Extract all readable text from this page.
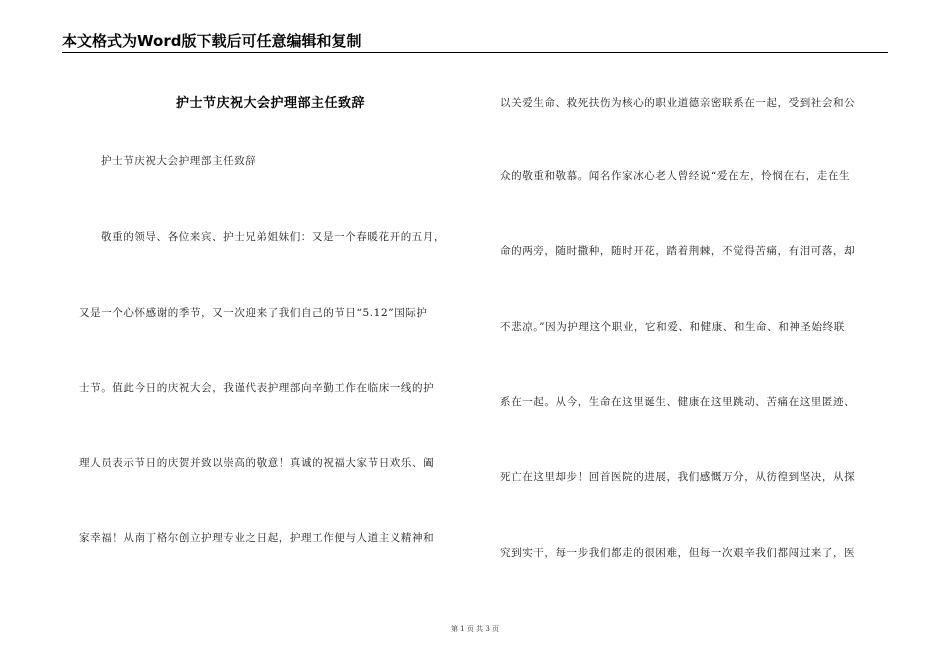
本文格式为Word版下载后可任意编辑和复制
护士节庆祝大会护理部主任致辞
护士节庆祝大会护理部主任致辞
敬重的领导、各位来宾、护士兄弟姐妹们：又是一个春暖花开的五月，
又是一个心怀感谢的季节，又一次迎来了我们自己的节日“5.12”国际护
士节。值此今日的庆祝大会，我谨代表护理部向辛勤工作在临床一线的护
理人员表示节日的庆贺并致以崇高的敬意！真诚的祝福大家节日欢乐、阖
家幸福！从南丁格尔创立护理专业之日起，护理工作便与人道主义精神和
以关爱生命、救死扶伤为核心的职业道德亲密联系在一起，受到社会和公
众的敬重和敬慕。闻名作家冰心老人曾经说“爱在左，怜悯在右，走在生
命的两旁，随时撒种，随时开花，踏着荆棘，不觉得苦痛，有泪可落，却
不悲凉。”因为护理这个职业，它和爱、和健康、和生命、和神圣始终联
系在一起。从今，生命在这里诞生、健康在这里跳动、苦痛在这里匿迹、
死亡在这里却步！回首医院的进展，我们感慨万分，从彷徨到坚决，从探
究到实干，每一步我们都走的很困难，但每一次艰辛我们都闯过来了，医
第 1 页 共 3 页
